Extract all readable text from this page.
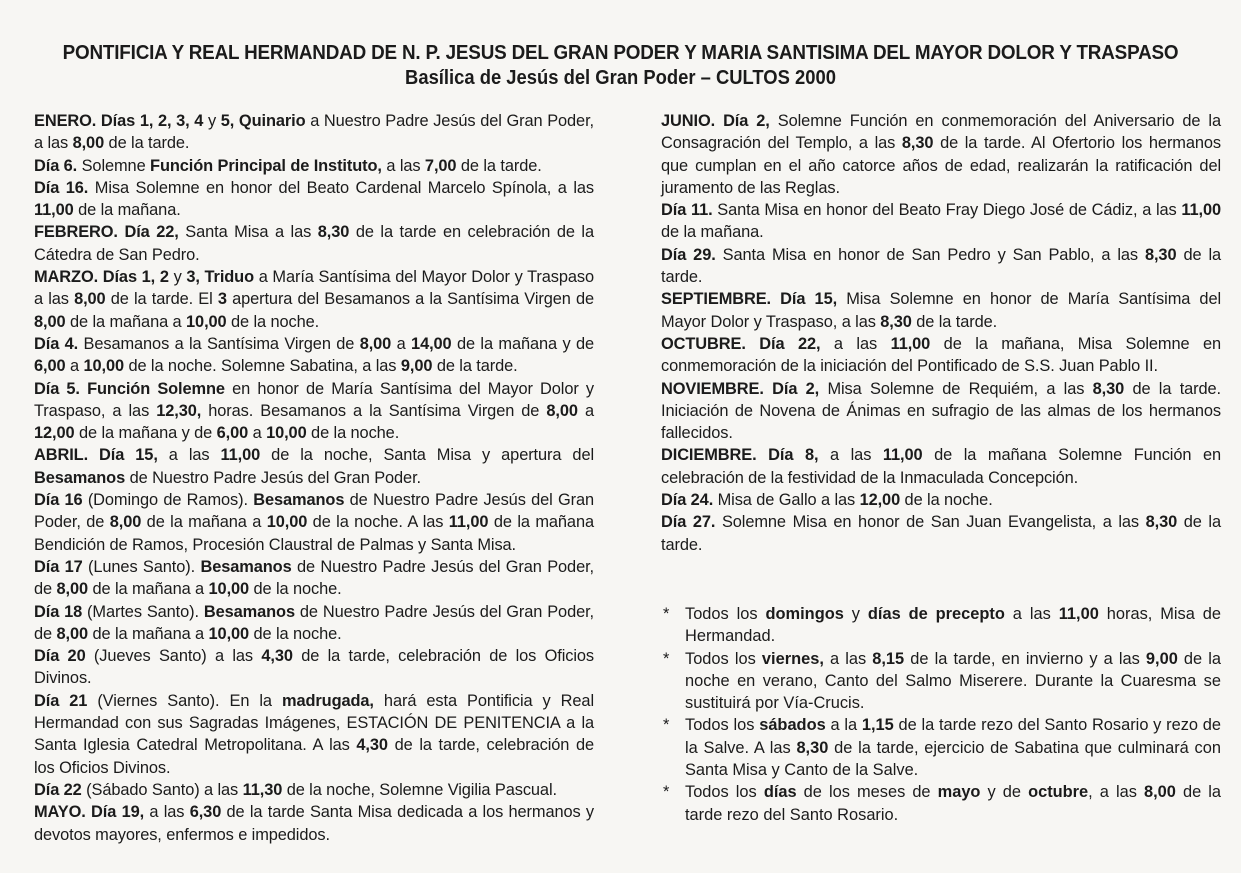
PONTIFICIA Y REAL HERMANDAD DE N. P. JESUS DEL GRAN PODER Y MARIA SANTISIMA DEL MAYOR DOLOR Y TRASPASO
Basílica de Jesús del Gran Poder – CULTOS 2000

ENERO. Días 1, 2, 3, 4 y 5, Quinario a Nuestro Padre Jesús del Gran Poder, a las 8,00 de la tarde.

Día 6. Solemne Función Principal de Instituto, a las 7,00 de la tarde.

Día 16. Misa Solemne en honor del Beato Cardenal Marcelo Spínola, a las 11,00 de la mañana.

FEBRERO. Día 22, Santa Misa a las 8,30 de la tarde en celebración de la Cátedra de San Pedro.

MARZO. Días 1, 2 y 3, Triduo a María Santísima del Mayor Dolor y Traspaso a las 8,00 de la tarde. El 3 apertura del Besamanos a la Santísima Virgen de 8,00 de la mañana a 10,00 de la noche.

Día 4. Besamanos a la Santísima Virgen de 8,00 a 14,00 de la mañana y de 6,00 a 10,00 de la noche. Solemne Sabatina, a las 9,00 de la tarde.

Día 5. Función Solemne en honor de María Santísima del Mayor Dolor y Traspaso, a las 12,30, horas. Besamanos a la Santísima Virgen de 8,00 a 12,00 de la mañana y de 6,00 a 10,00 de la noche.

ABRIL. Día 15, a las 11,00 de la noche, Santa Misa y apertura del Besamanos de Nuestro Padre Jesús del Gran Poder.

Día 16 (Domingo de Ramos). Besamanos de Nuestro Padre Jesús del Gran Poder, de 8,00 de la mañana a 10,00 de la noche. A las 11,00 de la mañana Bendición de Ramos, Procesión Claustral de Palmas y Santa Misa.

Día 17 (Lunes Santo). Besamanos de Nuestro Padre Jesús del Gran Poder, de 8,00 de la mañana a 10,00 de la noche.

Día 18 (Martes Santo). Besamanos de Nuestro Padre Jesús del Gran Poder, de 8,00 de la mañana a 10,00 de la noche.

Día 20 (Jueves Santo) a las 4,30 de la tarde, celebración de los Oficios Divinos.

Día 21 (Viernes Santo). En la madrugada, hará esta Pontificia y Real Hermandad con sus Sagradas Imágenes, ESTACIÓN DE PENITENCIA a la Santa Iglesia Catedral Metropolitana. A las 4,30 de la tarde, celebración de los Oficios Divinos.

Día 22 (Sábado Santo) a las 11,30 de la noche, Solemne Vigilia Pascual.

MAYO. Día 19, a las 6,30 de la tarde Santa Misa dedicada a los hermanos y devotos mayores, enfermos e impedidos.

JUNIO. Día 2, Solemne Función en conmemoración del Aniversario de la Consagración del Templo, a las 8,30 de la tarde. Al Ofertorio los hermanos que cumplan en el año catorce años de edad, realizarán la ratificación del juramento de las Reglas.

Día 11. Santa Misa en honor del Beato Fray Diego José de Cádiz, a las 11,00 de la mañana.

Día 29. Santa Misa en honor de San Pedro y San Pablo, a las 8,30 de la tarde.

SEPTIEMBRE. Día 15, Misa Solemne en honor de María Santísima del Mayor Dolor y Traspaso, a las 8,30 de la tarde.

OCTUBRE. Día 22, a las 11,00 de la mañana, Misa Solemne en conmemoración de la iniciación del Pontificado de S.S. Juan Pablo II.

NOVIEMBRE. Día 2, Misa Solemne de Requiém, a las 8,30 de la tarde. Iniciación de Novena de Ánimas en sufragio de las almas de los hermanos fallecidos.

DICIEMBRE. Día 8, a las 11,00 de la mañana Solemne Función en celebración de la festividad de la Inmaculada Concepción.

Día 24. Misa de Gallo a las 12,00 de la noche.

Día 27. Solemne Misa en honor de San Juan Evangelista, a las 8,30 de la tarde.

* Todos los domingos y días de precepto a las 11,00 horas, Misa de Hermandad.
* Todos los viernes, a las 8,15 de la tarde, en invierno y a las 9,00 de la noche en verano, Canto del Salmo Miserere. Durante la Cuaresma se sustituirá por Vía-Crucis.
* Todos los sábados a la 1,15 de la tarde rezo del Santo Rosario y rezo de la Salve. A las 8,30 de la tarde, ejercicio de Sabatina que culminará con Santa Misa y Canto de la Salve.
* Todos los días de los meses de mayo y de octubre, a las 8,00 de la tarde rezo del Santo Rosario.
